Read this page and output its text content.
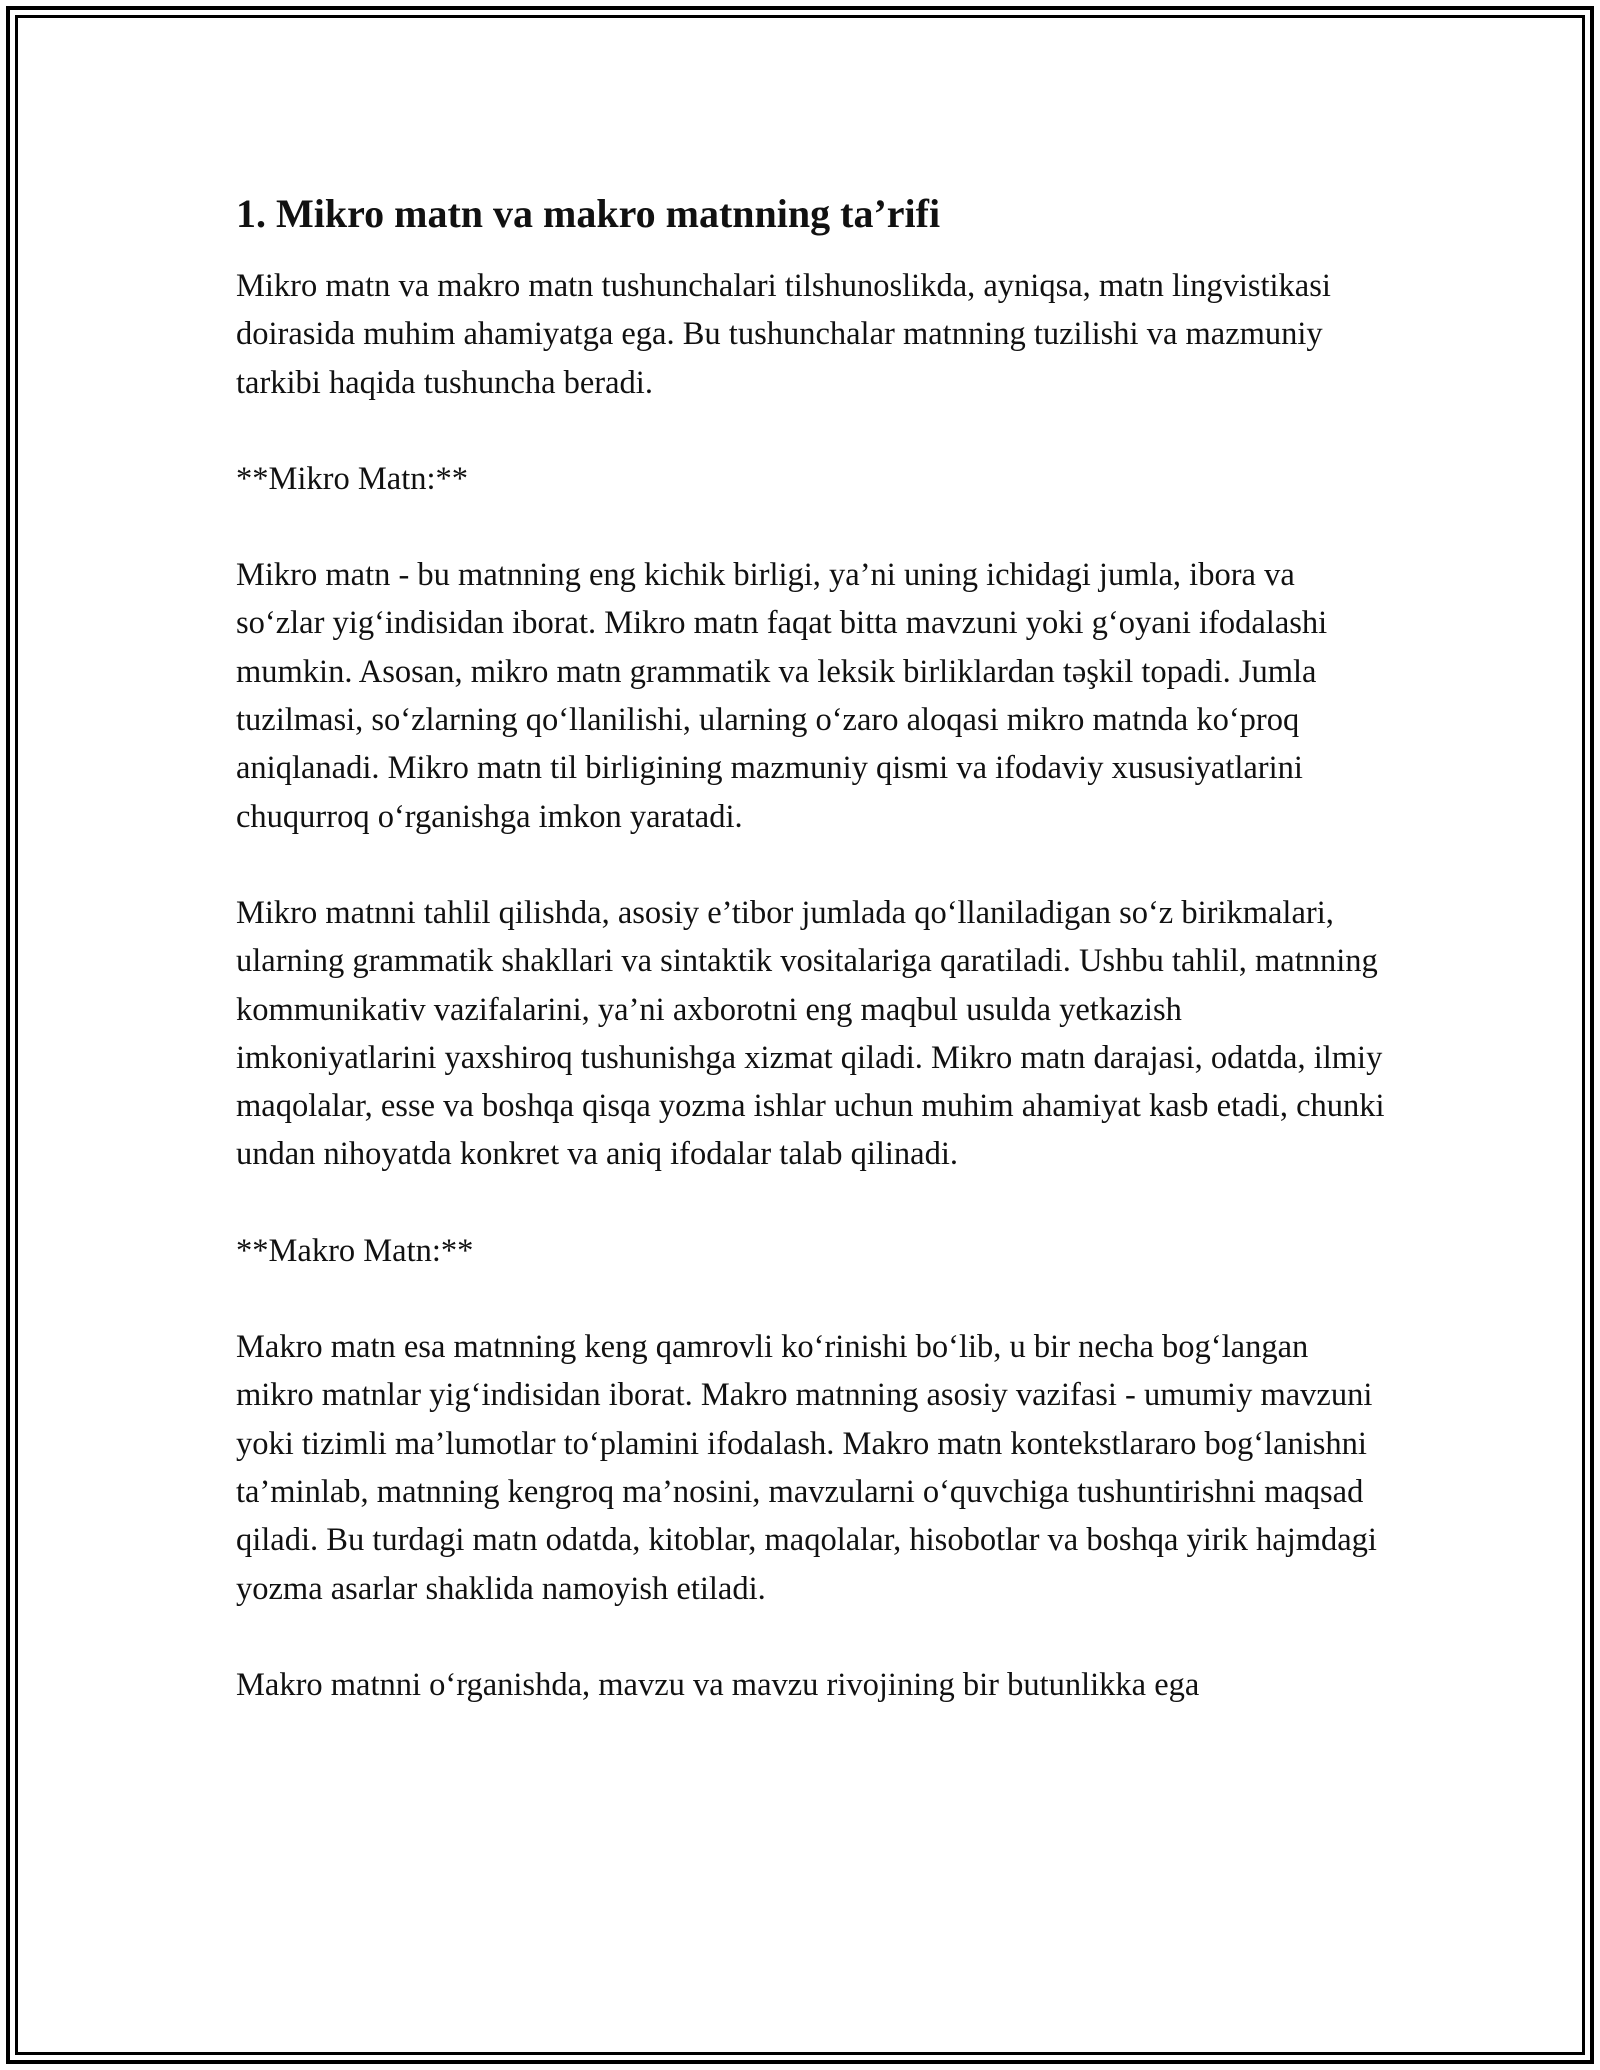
1. Mikro matn va makro matnning ta’rifi

Mikro matn va makro matn tushunchalari tilshunoslikda, ayniqsa, matn lingvistikasi doirasida muhim ahamiyatga ega. Bu tushunchalar matnning tuzilishi va mazmuniy tarkibi haqida tushuncha beradi.

**Mikro Matn:**

Mikro matn - bu matnning eng kichik birligi, ya’ni uning ichidagi jumla, ibora va so‘zlar yig‘indisidan iborat. Mikro matn faqat bitta mavzuni yoki g‘oyani ifodalashi mumkin. Asosan, mikro matn grammatik va leksik birliklardan təşkil topadi. Jumla tuzilmasi, so‘zlarning qo‘llanilishi, ularning o‘zaro aloqasi mikro matnda ko‘proq aniqlanadi. Mikro matn til birligining mazmuniy qismi va ifodaviy xususiyatlarini chuqurroq o‘rganishga imkon yaratadi.

Mikro matnni tahlil qilishda, asosiy e’tibor jumlada qo‘llaniladigan so‘z birikmalari, ularning grammatik shakllari va sintaktik vositalariga qaratiladi. Ushbu tahlil, matnning kommunikativ vazifalarini, ya’ni axborotni eng maqbul usulda yetkazish imkoniyatlarini yaxshiroq tushunishga xizmat qiladi. Mikro matn darajasi, odatda, ilmiy maqolalar, esse va boshqa qisqa yozma ishlar uchun muhim ahamiyat kasb etadi, chunki undan nihoyatda konkret va aniq ifodalar talab qilinadi.

**Makro Matn:**

Makro matn esa matnning keng qamrovli ko‘rinishi bo‘lib, u bir necha bog‘langan mikro matnlar yig‘indisidan iborat. Makro matnning asosiy vazifasi - umumiy mavzuni yoki tizimli ma’lumotlar to‘plamini ifodalash. Makro matn kontekstlararo bog‘lanishni ta’minlab, matnning kengroq ma’nosini, mavzularni o‘quvchiga tushuntirishni maqsad qiladi. Bu turdagi matn odatda, kitoblar, maqolalar, hisobotlar va boshqa yirik hajmdagi yozma asarlar shaklida namoyish etiladi.

Makro matnni o‘rganishda, mavzu va mavzu rivojining bir butunlikka ega
